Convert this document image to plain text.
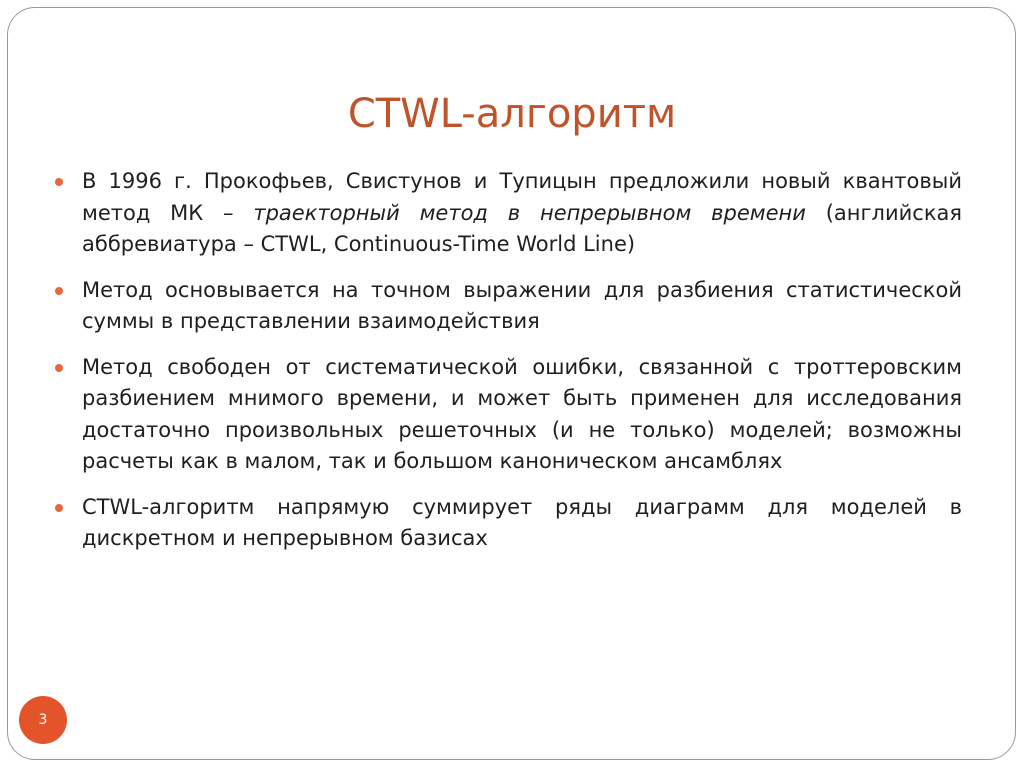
CTWL-алгоритм
В 1996 г. Прокофьев, Свистунов и Тупицын предложили новый квантовый метод МК – траекторный метод в непрерывном времени (английская аббревиатура – CTWL, Continuous-Time World Line)
Метод основывается на точном выражении для разбиения статистической суммы в представлении взаимодействия
Метод свободен от систематической ошибки, связанной с троттеровским разбиением мнимого времени, и может быть применен для исследования достаточно произвольных решеточных (и не только) моделей; возможны расчеты как в малом, так и большом каноническом ансамблях
CTWL-алгоритм напрямую суммирует ряды диаграмм для моделей в дискретном и непрерывном базисах
3
